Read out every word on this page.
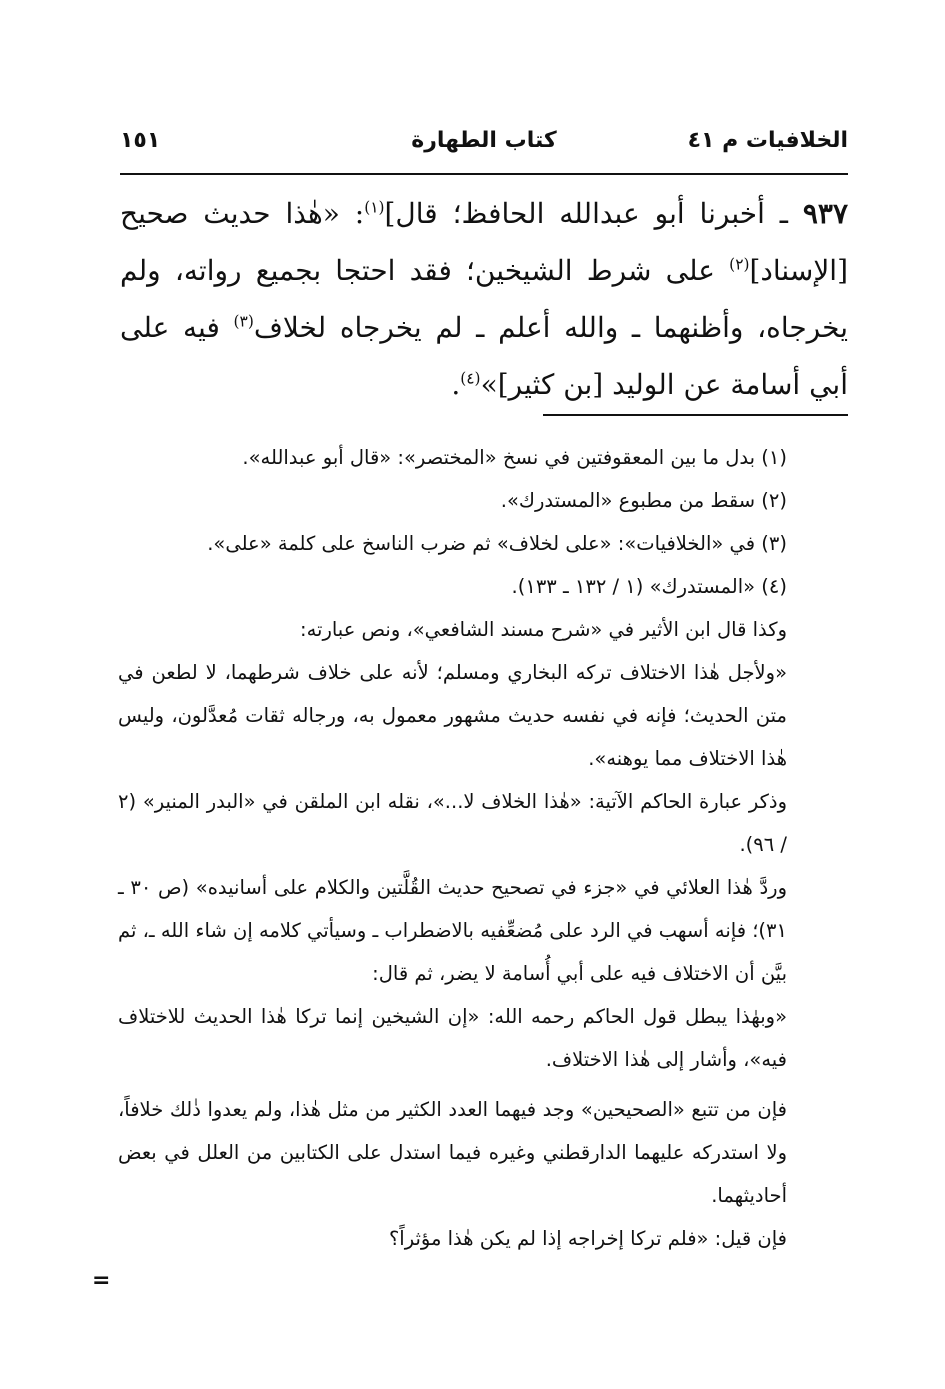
الخلافيات م ٤١
كتاب الطهارة
١٥١
٩٣٧ ـ أخبرنا أبو عبدالله الحافظ؛ قال]$^{(١)}$: «هٰذا حديث صحيح [الإسناد]$^{(٢)}$ على شرط الشيخين؛ فقد احتجا بجميع رواته، ولم يخرجاه، وأظنهما ـ والله أعلم ـ لم يخرجاه لخلاف$^{(٣)}$ فيه على أبي أسامة عن الوليد [بن كثير]»$^{(٤)}$.

(١) بدل ما بين المعقوفتين في نسخ «المختصر»: «قال أبو عبدالله».

(٢) سقط من مطبوع «المستدرك».

(٣) في «الخلافيات»: «على لخلاف» ثم ضرب الناسخ على كلمة «على».

(٤) «المستدرك» (١ / ١٣٢ ـ ١٣٣).

وكذا قال ابن الأثير في «شرح مسند الشافعي»، ونص عبارته:

«ولأجل هٰذا الاختلاف تركه البخاري ومسلم؛ لأنه على خلاف شرطهما، لا لطعن في متن الحديث؛ فإنه في نفسه حديث مشهور معمول به، ورجاله ثقات مُعدَّلون، وليس هٰذا الاختلاف مما يوهنه».

وذكر عبارة الحاكم الآتية: «هٰذا الخلاف لا...»، نقله ابن الملقن في «البدر المنير» (٢ / ٩٦).

وردَّ هٰذا العلائي في «جزء في تصحيح حديث القُلَّتين والكلام على أسانيده» (ص ٣٠ ـ ٣١)؛ فإنه أسهب في الرد على مُضعِّفيه بالاضطراب ـ وسيأتي كلامه إن شاء الله ـ، ثم بيَّن أن الاختلاف فيه على أبي أُسامة لا يضر، ثم قال:

«وبهٰذا يبطل قول الحاكم رحمه الله: «إن الشيخين إنما تركا هٰذا الحديث للاختلاف فيه»، وأشار إلى هٰذا الاختلاف.

فإن من تتبع «الصحيحين» وجد فيهما العدد الكثير من مثل هٰذا، ولم يعدوا ذٰلك خلافاً، ولا استدركه عليهما الدارقطني وغيره فيما استدل على الكتابين من العلل في بعض أحاديثهما.

فإن قيل: «فلم تركا إخراجه إذا لم يكن هٰذا مؤثراً؟

=
